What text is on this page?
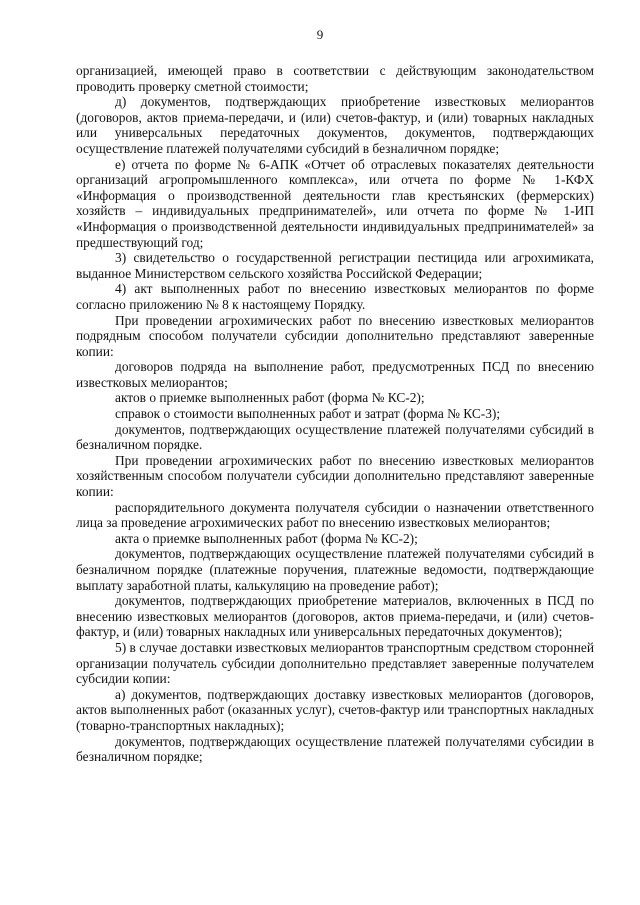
9

организацией, имеющей право в соответствии с действующим законодательством проводить проверку сметной стоимости;

д) документов, подтверждающих приобретение известковых мелиорантов (договоров, актов приема-передачи, и (или) счетов-фактур, и (или) товарных накладных или универсальных передаточных документов, документов, подтверждающих осуществление платежей получателями субсидий в безналичном порядке;

е) отчета по форме № 6-АПК «Отчет об отраслевых показателях деятельности организаций агропромышленного комплекса», или отчета по форме № 1-КФХ «Информация о производственной деятельности глав крестьянских (фермерских) хозяйств – индивидуальных предпринимателей», или отчета по форме № 1-ИП «Информация о производственной деятельности индивидуальных предпринимателей» за предшествующий год;

3) свидетельство о государственной регистрации пестицида или агрохимиката, выданное Министерством сельского хозяйства Российской Федерации;

4) акт выполненных работ по внесению известковых мелиорантов по форме согласно приложению № 8 к настоящему Порядку.

При проведении агрохимических работ по внесению известковых мелиорантов подрядным способом получатели субсидии дополнительно представляют заверенные копии:

договоров подряда на выполнение работ, предусмотренных ПСД по внесению известковых мелиорантов;

актов о приемке выполненных работ (форма № КС-2);

справок о стоимости выполненных работ и затрат (форма № КС-3);

документов, подтверждающих осуществление платежей получателями субсидий в безналичном порядке.

При проведении агрохимических работ по внесению известковых мелиорантов хозяйственным способом получатели субсидии дополнительно представляют заверенные копии:

распорядительного документа получателя субсидии о назначении ответственного лица за проведение агрохимических работ по внесению известковых мелиорантов;

акта о приемке выполненных работ (форма № КС-2);

документов, подтверждающих осуществление платежей получателями субсидий в безналичном порядке (платежные поручения, платежные ведомости, подтверждающие выплату заработной платы, калькуляцию на проведение работ);

документов, подтверждающих приобретение материалов, включенных в ПСД по внесению известковых мелиорантов (договоров, актов приема-передачи, и (или) счетов-фактур, и (или) товарных накладных или универсальных передаточных документов);

5) в случае доставки известковых мелиорантов транспортным средством сторонней организации получатель субсидии дополнительно представляет заверенные получателем субсидии копии:

а) документов, подтверждающих доставку известковых мелиорантов (договоров, актов выполненных работ (оказанных услуг), счетов-фактур или транспортных накладных (товарно-транспортных накладных);

документов, подтверждающих осуществление платежей получателями субсидии в безналичном порядке;
